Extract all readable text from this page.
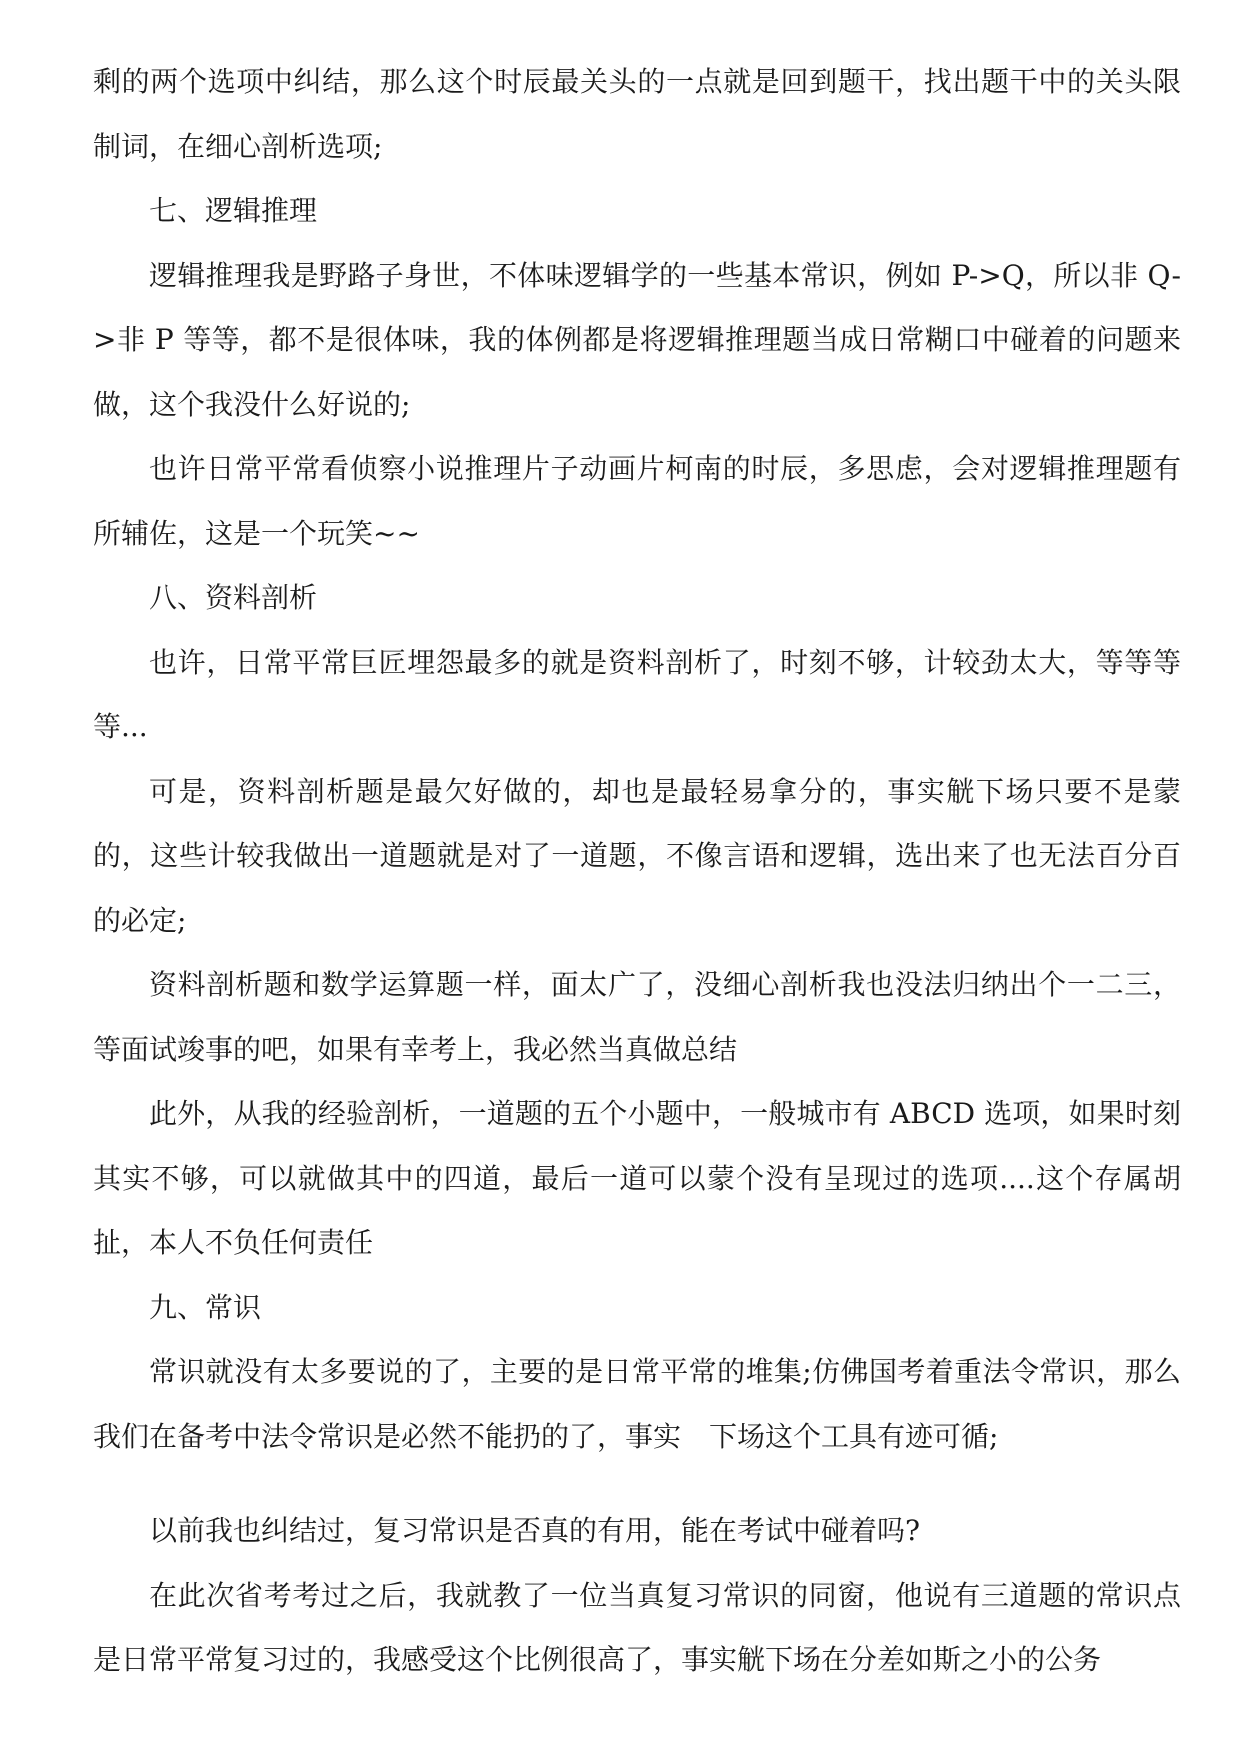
剩的两个选项中纠结，那么这个时辰最关头的一点就是回到题干，找出题干中的关头限制词，在细心剖析选项;

七、逻辑推理

逻辑推理我是野路子身世，不体味逻辑学的一些基本常识，例如 P->Q，所以非 Q->非 P 等等，都不是很体味，我的体例都是将逻辑推理题当成日常糊口中碰着的问题来做，这个我没什么好说的;

也许日常平常看侦察小说推理片子动画片柯南的时辰，多思虑，会对逻辑推理题有所辅佐，这是一个玩笑~~

八、资料剖析

也许，日常平常巨匠埋怨最多的就是资料剖析了，时刻不够，计较劲太大，等等等等...

可是，资料剖析题是最欠好做的，却也是最轻易拿分的，事实觥下场只要不是蒙的，这些计较我做出一道题就是对了一道题，不像言语和逻辑，选出来了也无法百分百的必定;

资料剖析题和数学运算题一样，面太广了，没细心剖析我也没法归纳出个一二三，等面试竣事的吧，如果有幸考上，我必然当真做总结

此外，从我的经验剖析，一道题的五个小题中，一般城市有 ABCD 选项，如果时刻其实不够，可以就做其中的四道，最后一道可以蒙个没有呈现过的选项....这个存属胡扯，本人不负任何责任

九、常识

常识就没有太多要说的了，主要的是日常平常的堆集;仿佛国考着重法令常识，那么我们在备考中法令常识是必然不能扔的了，事实　下场这个工具有迹可循;

以前我也纠结过，复习常识是否真的有用，能在考试中碰着吗?

在此次省考考过之后，我就教了一位当真复习常识的同窗，他说有三道题的常识点是日常平常复习过的，我感受这个比例很高了，事实觥下场在分差如斯之小的公务
